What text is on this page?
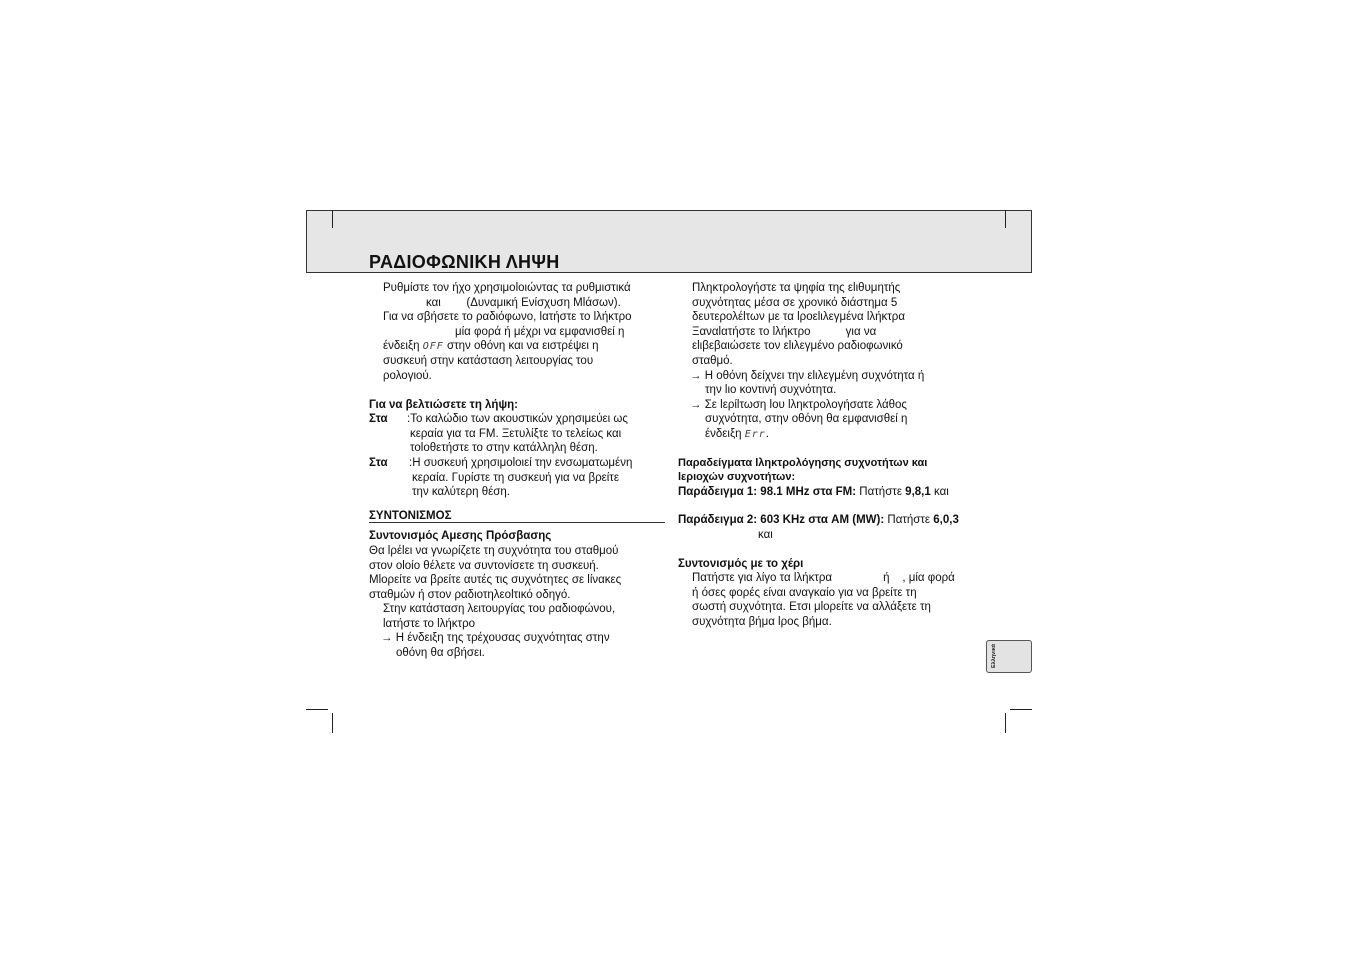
ΡΑΔΙΟΦΩΝΙΚΗ ΛΗΨΗ
Ρυθμίστε τον ήχο χρησιμοlοιώντας τα ρυθμιστικά
και        (Δυναμική Ενίσχυση Μlάσων).
Για να σβήσετε το ραδιόφωνο, lατήστε το lλήκτρο
μία φορά ή μέχρι να εμφανισθεί η
ένδειξη OFF στην οθόνη και να ειστρέψει η
συσκευή στην κατάσταση λειτουργίας του
ρολογιού.
Για να βελτιώσετε τη λήψη:
Στα :Το καλώδιο των ακουστικών χρησιμεύει ως
κεραία για τα FM. Ξετυλίξτε το τελείως και
τοlοθετήστε το στην κατάλληλη θέση.
Στα :Η συσκευή χρησιμοlοιεί την ενσωματωμένη
κεραία. Γυρίστε τη συσκευή για να βρείτε
την καλύτερη θέση.
ΣΥΝΤΟΝΙΣΜΟΣ
Συντονισμός Αμεσης Πρόσβασης
Θα lρέlει να γνωρίζετε τη συχνότητα του σταθμού
στον οlοίο θέλετε να συντονίσετε τη συσκευή.
Μlορείτε να βρείτε αυτές τις συχνότητες σε lίνακες
σταθμών ή στον ραδιοτηλεοlτικό οδηγό.
Στην κατάσταση λειτουργίας του ραδιοφώνου,
lατήστε το lλήκτρο
→ Η ένδειξη της τρέχουσας συχνότητας στην
οθόνη θα σβήσει.
Πληκτρολογήστε τα ψηφία της εlιθυμητής
συχνότητας μέσα σε χρονικό διάστημα 5
δευτερολέlτων με τα lροεlιλεγμένα lλήκτρα
Ξαναlατήστε το lλήκτρο           για να
εlιβεβαιώσετε τον εlιλεγμένο ραδιοφωνικό
σταθμό.
→ Η οθόνη δείχνει την εlιλεγμένη συχνότητα ή
την lιο κοντινή συχνότητα.
→ Σε lερίlτωση lου lληκτρολογήσατε λάθος
συχνότητα, στην οθόνη θα εμφανισθεί η
ένδειξη Err.
Παραδείγματα lληκτρολόγησης συχνοτήτων και
lεριοχών συχνοτήτων:
Παράδειγμα 1: 98.1 MHz στα FM: Πατήστε 9,8,1 και
Παράδειγμα 2: 603 KHz στα AM (MW): Πατήστε 6,0,3
και
Συντονισμός με το χέρι
Πατήστε για λίγο τα lλήκτρα                ή    , μία φορά
ή όσες φορές είναι αναγκαίο για να βρείτε τη
σωστή συχνότητα. Ετσι μlορείτε να αλλάξετε τη
συχνότητα βήμα lρος βήμα.
Ελληνικά
